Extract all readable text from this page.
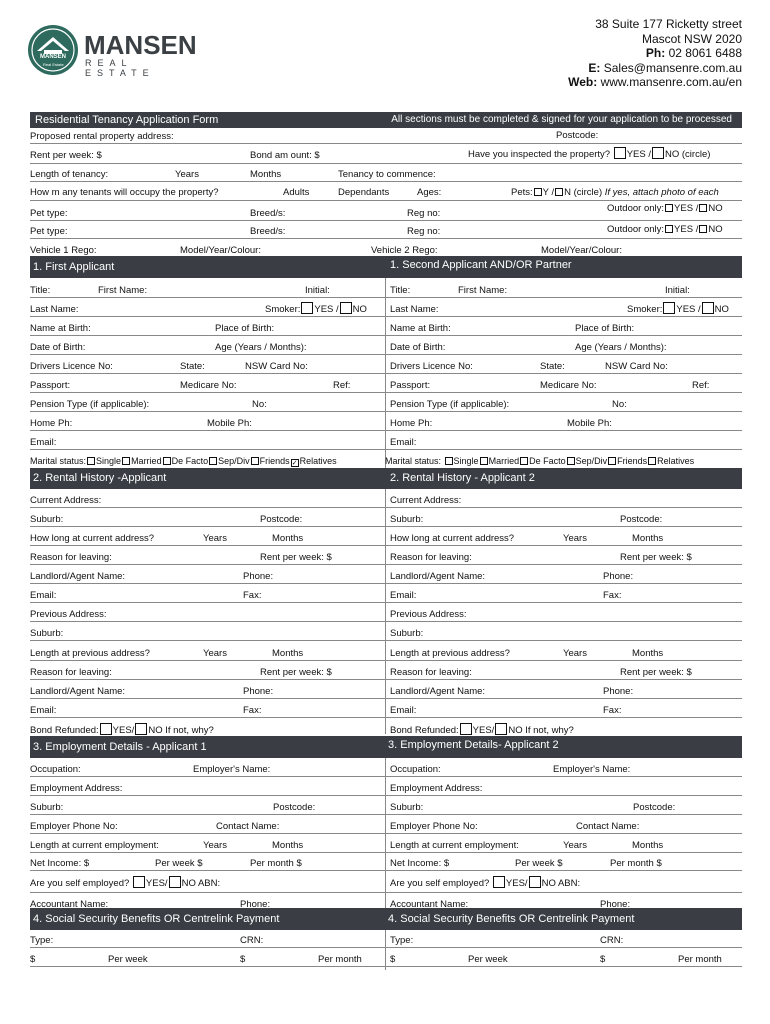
MANSEN
Real Estate
MANSEN
REAL ESTATE
38 Suite 177 Ricketty street
Mascot NSW 2020
Ph: 02 8061 6488
E: Sales@mansenre.com.au
Web: www.mansenre.com.au/en
Residential Tenancy Application Form	All sections must be completed & signed for your application to be processed
Proposed rental property address:	Postcode:
Rent per week: $	Bond am ount: $	Have you inspected the property? YES / NO (circle)
Length of tenancy:	Years	Months	Tenancy to commence:
How m any tenants will occupy the property?	Adults	Dependants	Ages:	Pets: Y / N (circle) If yes, attach photo of each
Pet type:	Breed/s:	Reg no:	Outdoor only: YES / NO
Pet type:	Breed/s:	Reg no:	Outdoor only: YES / NO
Vehicle 1 Rego:	Model/Year/Colour:	Vehicle 2 Rego:	Model/Year/Colour:
1. First Applicant	1. Second Applicant AND/OR Partner
2. Rental History -Applicant	2. Rental History - Applicant 2
3. Employment Details - Applicant 1	3. Employment Details- Applicant 2
4. Social Security Benefits OR Centrelink Payment	4. Social Security Benefits OR Centrelink Payment
Title:	First Name:	Initial:
Last Name:	Smoker: YES / NO
Name at Birth:	Place of Birth:
Date of Birth:	Age (Years / Months):
Drivers Licence No:	State:	NSW Card No:
Passport:	Medicare No:	Ref:
Pension Type (if applicable):	No:
Home Ph:	Mobile Ph:
Email:
Marital status: Single Married De Facto Sep/Div Friends ✓ Relatives
Current Address:
Suburb:	Postcode:
How long at current address?	Years	Months
Reason for leaving:	Rent per week: $
Landlord/Agent Name:	Phone:
Email:	Fax:
Previous Address:
Suburb:
Length at previous address?	Years	Months
Reason for leaving:	Rent per week: $
Landlord/Agent Name:	Phone:
Email:	Fax:
Bond Refunded: YES/ NO If not, why?
Occupation:	Employer's Name:
Employment Address:
Suburb:	Postcode:
Employer Phone No:	Contact Name:
Length at current employment:	Years	Months
Net Income: $	Per week $	Per month $
Are you self employed? YES/ NO ABN:
Accountant Name:	Phone:
Type:	CRN:
$	Per week	$	Per month
Title:	First Name:	Initial:
Last Name:	Smoker: YES / NO
Name at Birth:	Place of Birth:
Date of Birth:	Age (Years / Months):
Drivers Licence No:	State:	NSW Card No:
Passport:	Medicare No:	Ref:
Pension Type (if applicable):	No:
Home Ph:	Mobile Ph:
Email:
Marital status: Single Married De Facto Sep/Div Friends Relatives
Current Address:
Suburb:	Postcode:
How long at current address?	Years	Months
Reason for leaving:	Rent per week: $
Landlord/Agent Name:	Phone:
Email:	Fax:
Previous Address:
Suburb:
Length at previous address?	Years	Months
Reason for leaving:	Rent per week: $
Landlord/Agent Name:	Phone:
Email:	Fax:
Bond Refunded: YES/ NO If not, why?
Occupation:	Employer's Name:
Employment Address:
Suburb:	Postcode:
Employer Phone No:	Contact Name:
Length at current employment:	Years	Months
Net Income: $	Per week $	Per month $
Are you self employed? YES/ NO ABN:
Accountant Name:	Phone:
Type:	CRN:
$	Per week	$	Per month
